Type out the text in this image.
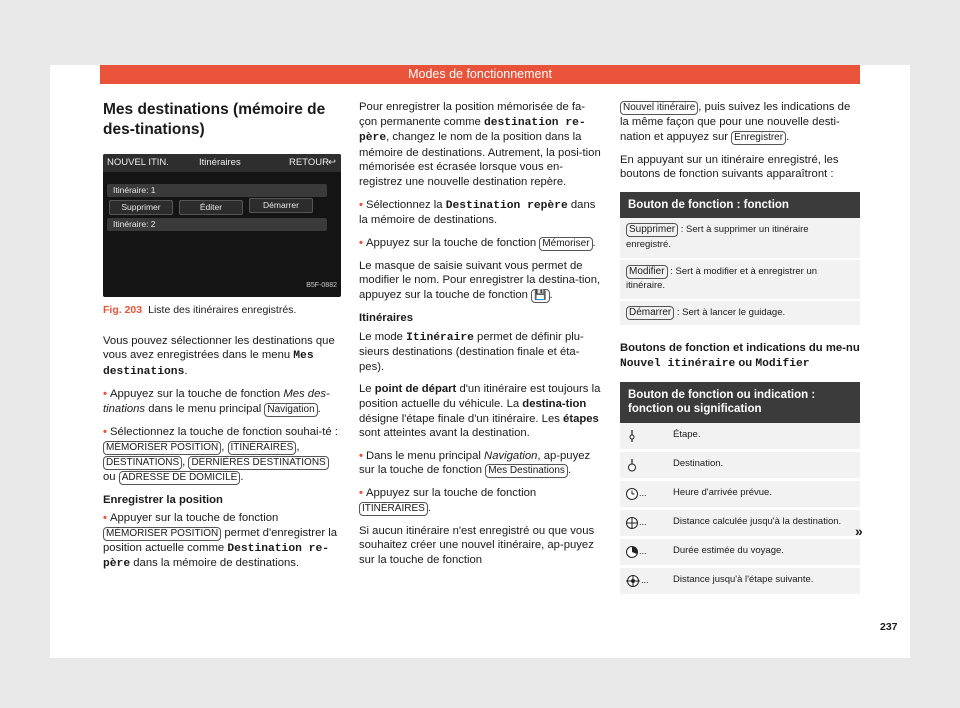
Modes de fonctionnement
Mes destinations (mémoire de des-tinations)
NOUVEL ITIN.	Itinéraires	RETOUR ↩
Itinéraire: 1
Supprimer	Éditer	Démarrer
Itinéraire: 2
B5F-0882
Fig. 203 Liste des itinéraires enregistrés.

Vous pouvez sélectionner les destinations que vous avez enregistrées dans le menu Mes destinations.

• Appuyez sur la touche de fonction Mes des-tinations dans le menu principal Navigation .

• Sélectionnez la touche de fonction souhai-té : MÉMORISER POSITION , ITINÉRAIRES , DESTINATIONS , DERNIÈRES DESTINATIONS ou ADRESSE DE DOMICILE .

Enregistrer la position

• Appuyer sur la touche de fonction MÉMORISER POSITION permet d'enregistrer la position actuelle comme Destination re-père dans la mémoire de destinations.

Pour enregistrer la position mémorisée de fa-çon permanente comme destination re-père, changez le nom de la position dans la mémoire de destinations. Autrement, la posi-tion mémorisée est écrasée lorsque vous en-registrez une nouvelle destination repère.

• Sélectionnez la Destination repère dans la mémoire de destinations.

• Appuyez sur la touche de fonction Mémoriser .

Le masque de saisie suivant vous permet de modifier le nom. Pour enregistrer la destina-tion, appuyez sur la touche de fonction 💾 .

Itinéraires

Le mode Itinéraire permet de définir plu-sieurs destinations (destination finale et éta-pes).

Le point de départ d'un itinéraire est toujours la position actuelle du véhicule. La destina-tion désigne l'étape finale d'un itinéraire. Les étapes sont atteintes avant la destination.

• Dans le menu principal Navigation, ap-puyez sur la touche de fonction Mes Destinations .

• Appuyez sur la touche de fonction ITINÉRAIRES .

Si aucun itinéraire n'est enregistré ou que vous souhaitez créer une nouvel itinéraire, ap-puyez sur la touche de fonction

Nouvel itinéraire , puis suivez les indications de la même façon que pour une nouvelle desti-nation et appuyez sur Enregistrer .

En appuyant sur un itinéraire enregistré, les boutons de fonction suivants apparaîtront :

Bouton de fonction : fonction
Supprimer : Sert à supprimer un itinéraire enregistré.
Modifier : Sert à modifier et à enregistrer un itinéraire.
Démarrer : Sert à lancer le guidage.

Boutons de fonction et indications du me-nu Nouvel itinéraire ou Modifier

Bouton de fonction ou indication : fonction ou signification
Étape.
Destination.
...	Heure d'arrivée prévue.
...	Distance calculée jusqu'à la destination.
...	Durée estimée du voyage.
...	Distance jusqu'à l'étape suivante.
»
237
